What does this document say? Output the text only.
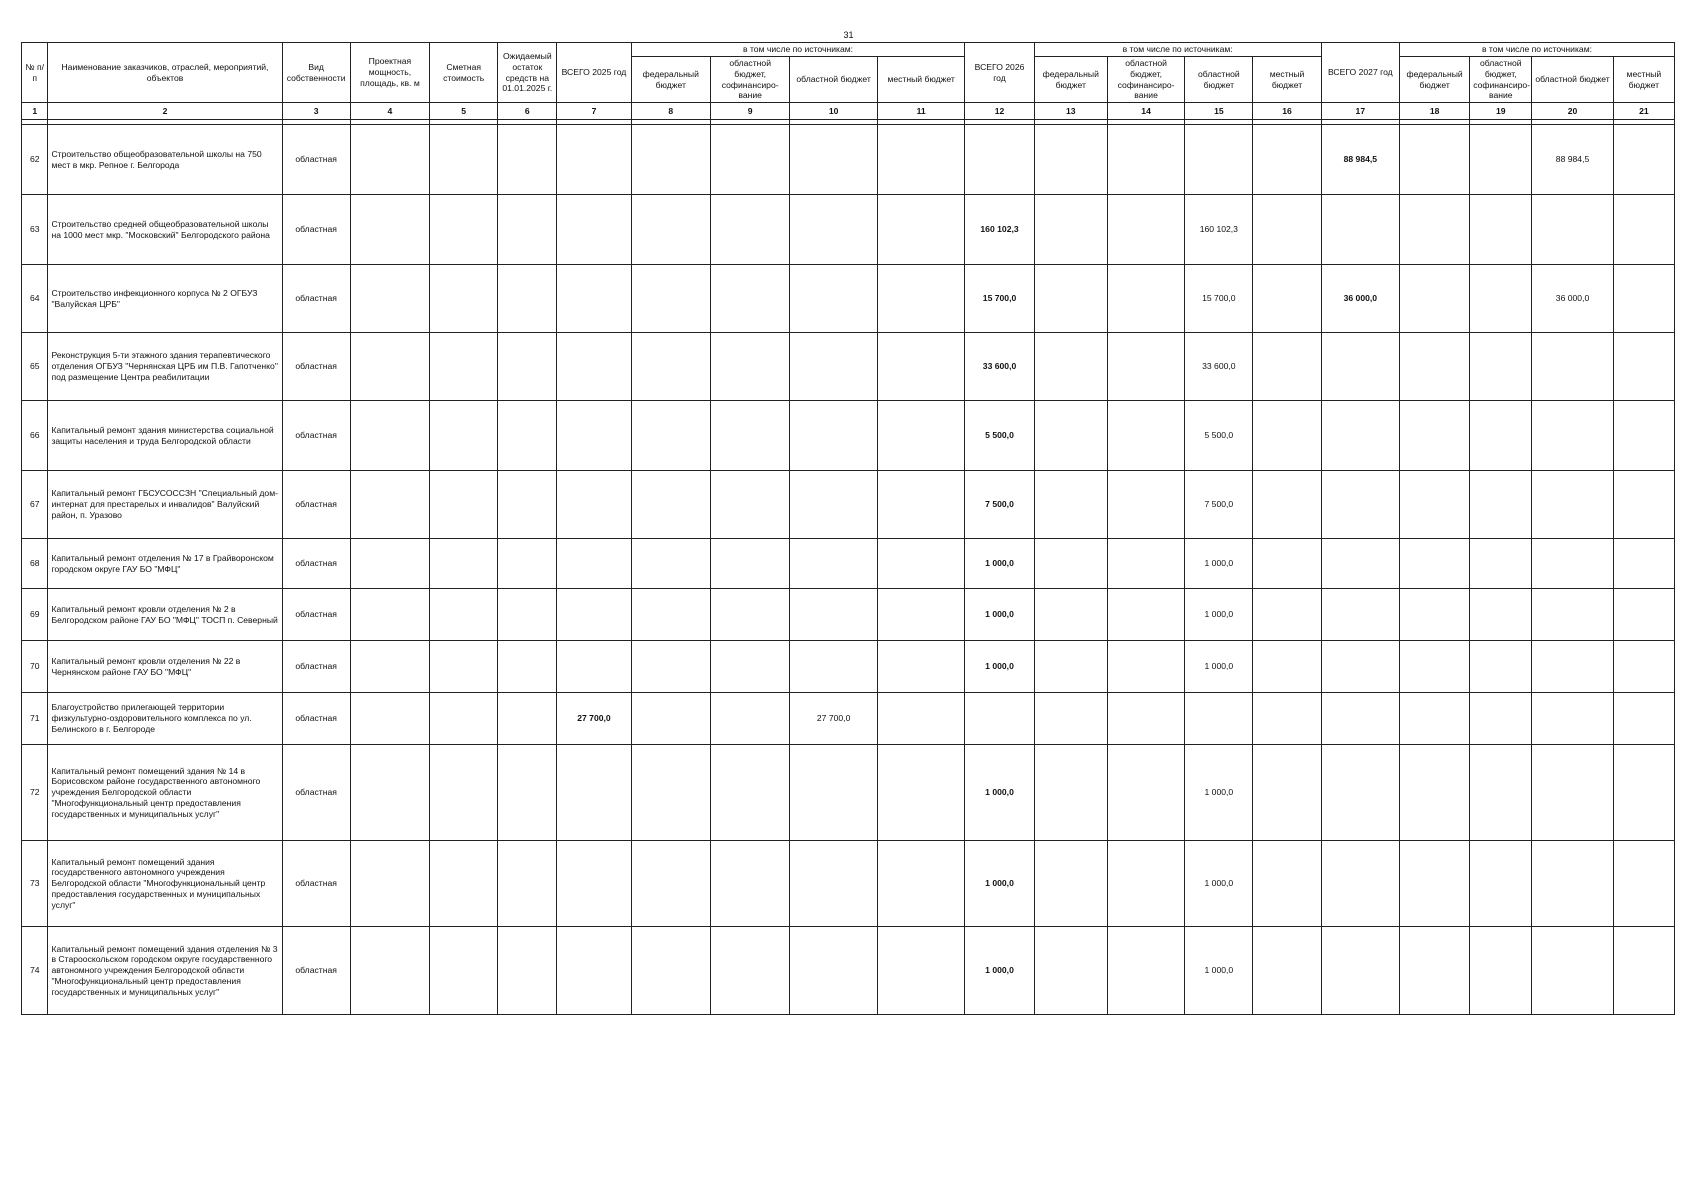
31
№ п/п	Наименование заказчиков, отраслей, мероприятий, объектов	Вид собственности	Проектная мощность, площадь, кв. м	Сметная стоимость	Ожидаемый остаток средств на 01.01.2025 г.	ВСЕГО 2025 год	в том числе по источникам:				ВСЕГО 2026 год	в том числе по источникам:				ВСЕГО 2027 год	в том числе по источникам:			
							федеральный бюджет	областной бюджет, софинансиро-вание	областной бюджет	местный бюджет		федеральный бюджет	областной бюджет, софинансиро-вание	областной бюджет	местный бюджет		федеральный бюджет	областной бюджет, софинансиро-вание	областной бюджет	местный бюджет
1	2	3	4	5	6	7	8	9	10	11	12	13	14	15	16	17	18	19	20	21

62	Строительство общеобразовательной школы на 750 мест в мкр. Репное г. Белгорода	областная														88 984,5			88 984,5	
63	Строительство средней общеобразовательной школы на 1000 мест мкр. "Московский" Белгородского района	областная									160 102,3			160 102,3						
64	Строительство инфекционного корпуса № 2 ОГБУЗ "Валуйская ЦРБ"	областная									15 700,0			15 700,0		36 000,0			36 000,0	
65	Реконструкция 5-ти этажного здания терапевтического отделения ОГБУЗ "Чернянская ЦРБ им П.В. Гапотченко" под размещение Центра реабилитации	областная									33 600,0			33 600,0						
66	Капитальный ремонт здания министерства социальной защиты населения и труда Белгородской области	областная									5 500,0			5 500,0						
67	Капитальный ремонт ГБСУСОССЗН "Специальный дом-интернат для престарелых и инвалидов" Валуйский район, п. Уразово	областная									7 500,0			7 500,0						
68	Капитальный ремонт отделения № 17 в Грайворонском городском округе ГАУ БО "МФЦ"	областная									1 000,0			1 000,0						
69	Капитальный ремонт кровли отделения № 2 в Белгородском районе ГАУ БО "МФЦ" ТОСП п. Северный	областная									1 000,0			1 000,0						
70	Капитальный ремонт кровли отделения № 22 в Чернянском районе ГАУ БО "МФЦ"	областная									1 000,0			1 000,0						
71	Благоустройство прилегающей территории физкультурно-оздоровительного комплекса по ул. Белинского в г. Белгороде	областная				27 700,0			27 700,0											
72	Капитальный ремонт помещений здания № 14 в Борисовском районе государственного автономного учреждения Белгородской области "Многофункциональный центр предоставления государственных и муниципальных услуг"	областная									1 000,0			1 000,0						
73	Капитальный ремонт помещений здания государственного автономного учреждения Белгородской области "Многофункциональный центр предоставления государственных и муниципальных услуг"	областная									1 000,0			1 000,0						
74	Капитальный ремонт помещений здания отделения № 3 в Старооскольском городском округе государственного автономного учреждения Белгородской области "Многофункциональный центр предоставления государственных и муниципальных услуг"	областная									1 000,0			1 000,0						
